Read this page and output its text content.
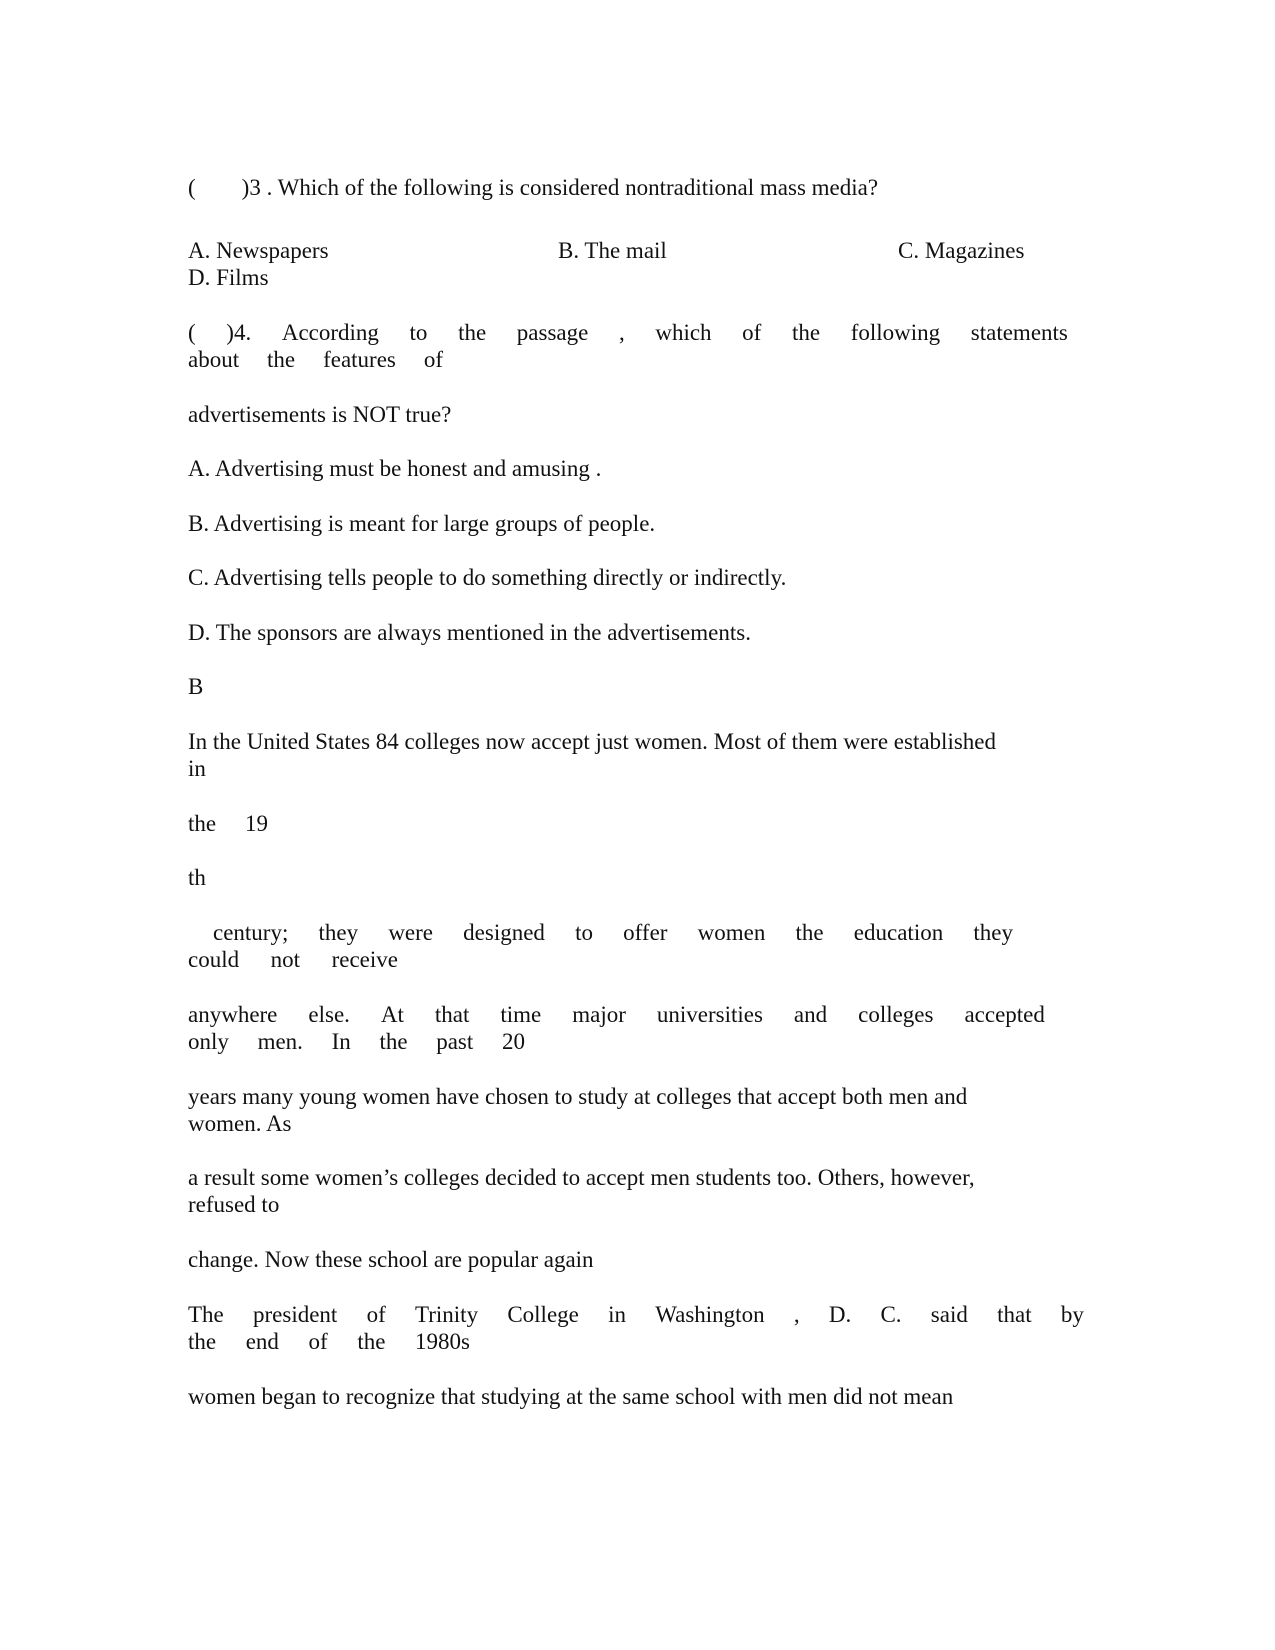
(        )3 . Which of the following is considered nontraditional mass media?
A. Newspapers	B. The mail	C. Magazines
D. Films
( )4. According to the passage , which of the following statements
about the features of
advertisements is NOT true?
A. Advertising must be honest and amusing .
B. Advertising is meant for large groups of people.
C. Advertising tells people to do something directly or indirectly.
D. The sponsors are always mentioned in the advertisements.
B
In the United States 84 colleges now accept just women. Most of them were established
in
the 19
th
century; they were designed to offer women the education they
could not receive
anywhere else. At that time major universities and colleges accepted
only men. In the past 20
years many young women have chosen to study at colleges that accept both men and
women. As
a result some women’s colleges decided to accept men students too. Others, however,
refused to
change. Now these school are popular again
The president of Trinity College in Washington , D. C. said that by
the end of the 1980s
women began to recognize that studying at the same school with men did not mean
